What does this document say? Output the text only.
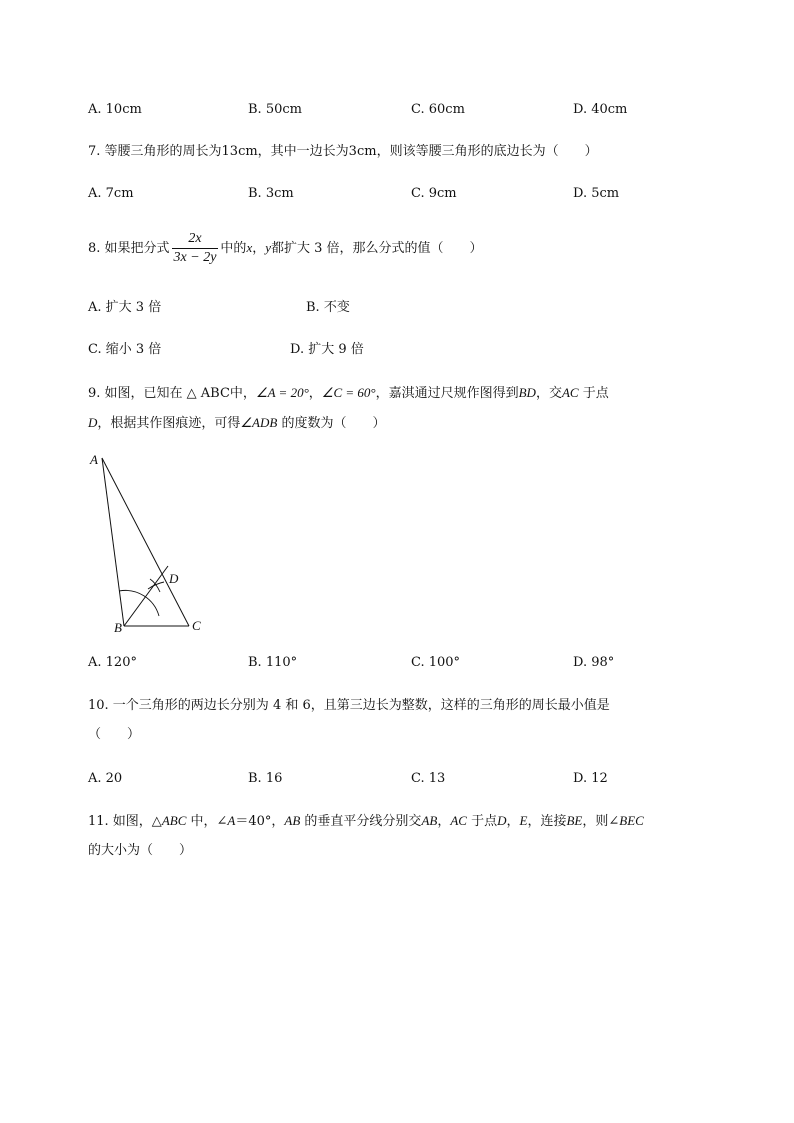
A. 10cm	B. 50cm	C. 60cm	D. 40cm
7. 等腰三角形的周长为13cm，其中一边长为3cm，则该等腰三角形的底边长为（　　）
A. 7cm	B. 3cm	C. 9cm	D. 5cm
8. 如果把分式 $\frac{2x}{3x - 2y}$ 中的x，y都扩大 3 倍，那么分式的值（　　）
A. 扩大 3 倍	B. 不变
C. 缩小 3 倍	D. 扩大 9 倍
9. 如图，已知在 △ ABC中，∠A = 20°，∠C = 60°，嘉淇通过尺规作图得到BD，交AC 于点
D，根据其作图痕迹，可得∠ADB 的度数为（　　）
A
B	C
D
A. 120°	B. 110°	C. 100°	D. 98°
10. 一个三角形的两边长分别为 4 和 6，且第三边长为整数，这样的三角形的周长最小值是
（　　）
A. 20	B. 16	C. 13	D. 12
11. 如图，△ABC 中，∠A＝40°，AB 的垂直平分线分别交AB，AC 于点D，E，连接BE，则∠BEC
的大小为（　　）
